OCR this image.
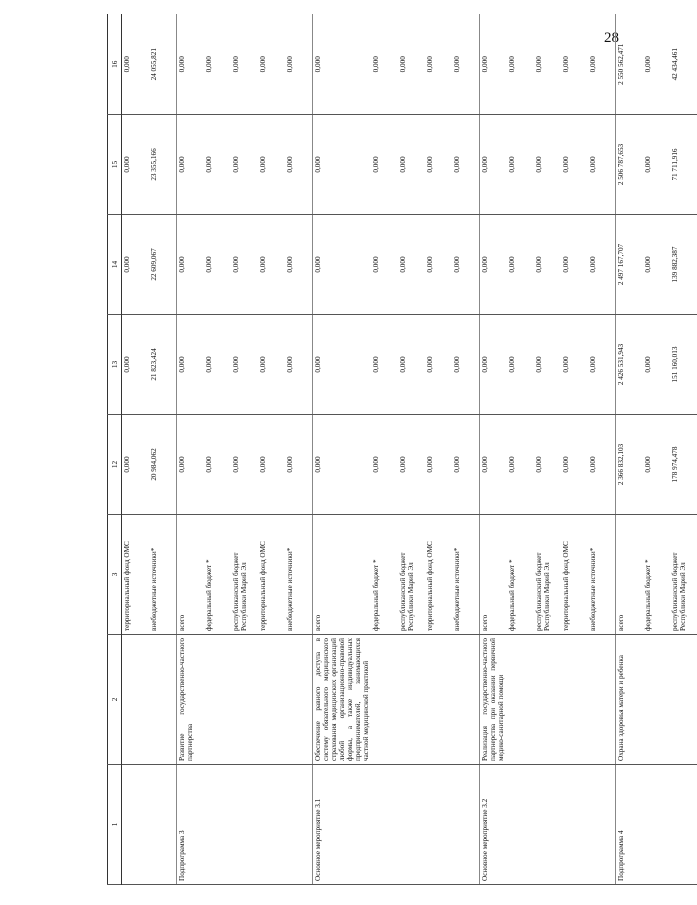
28
1	2	3	12	13	14	15	16
		территориальный фонд ОМС	0,000	0,000	0,000	0,000	0,000
		внебюджетные источники*	20 984,062	21 823,424	22 609,067	23 355,166	24 055,821
Подпрограмма 3	Развитие государственно-частного партнерства	всего	0,000	0,000	0,000	0,000	0,000
		федеральный бюджет *	0,000	0,000	0,000	0,000	0,000
		республиканский бюджет Республики Марий Эл	0,000	0,000	0,000	0,000	0,000
		территориальный фонд ОМС	0,000	0,000	0,000	0,000	0,000
		внебюджетные источники*	0,000	0,000	0,000	0,000	0,000
Основное мероприятие 3.1	Обеспечение равного доступа в систему обязательного медицинского страхования медицинских организаций любой организационно-правовой формы, а также индивидуальных предпринимателей, занимающихся частной медицинской практикой	всего	0,000	0,000	0,000	0,000	0,000
		федеральный бюджет *	0,000	0,000	0,000	0,000	0,000
		республиканский бюджет Республики Марий Эл	0,000	0,000	0,000	0,000	0,000
		территориальный фонд ОМС	0,000	0,000	0,000	0,000	0,000
		внебюджетные источники*	0,000	0,000	0,000	0,000	0,000
Основное мероприятие 3.2	Реализация государственно-частного партнерства при оказании первичной медико-санитарной помощи	всего	0,000	0,000	0,000	0,000	0,000
		федеральный бюджет *	0,000	0,000	0,000	0,000	0,000
		республиканский бюджет Республики Марий Эл	0,000	0,000	0,000	0,000	0,000
		территориальный фонд ОМС	0,000	0,000	0,000	0,000	0,000
		внебюджетные источники*	0,000	0,000	0,000	0,000	0,000
Подпрограмма 4	Охрана здоровья матери и ребенка	всего	2 366 832,103	2 426 531,943	2 497 167,707	2 506 787,653	2 550 562,471
		федеральный бюджет *	0,000	0,000	0,000	0,000	0,000
		республиканский бюджет Республики Марий Эл	178 974,478	151 160,013	139 882,387	71 711,916	42 434,461
